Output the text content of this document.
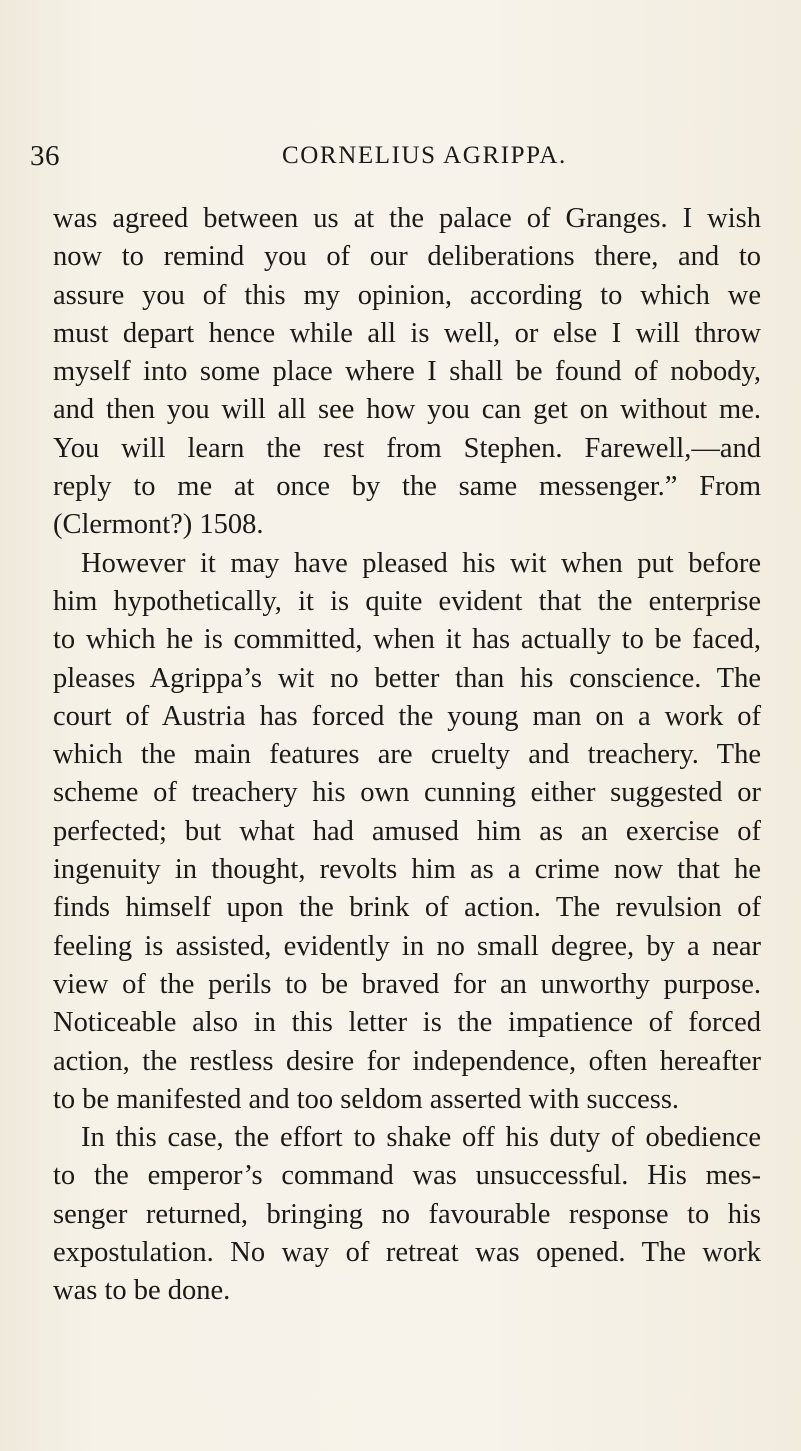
36	CORNELIUS AGRIPPA.
was agreed between us at the palace of Granges. I wish
now to remind you of our deliberations there, and to
assure you of this my opinion, according to which we
must depart hence while all is well, or else I will throw
myself into some place where I shall be found of nobody,
and then you will all see how you can get on without me.
You will learn the rest from Stephen. Farewell,—and
reply to me at once by the same messenger.” From
(Clermont?) 1508.
However it may have pleased his wit when put before
him hypothetically, it is quite evident that the enterprise
to which he is committed, when it has actually to be faced,
pleases Agrippa’s wit no better than his conscience. The
court of Austria has forced the young man on a work of
which the main features are cruelty and treachery. The
scheme of treachery his own cunning either suggested or
perfected; but what had amused him as an exercise of
ingenuity in thought, revolts him as a crime now that he
finds himself upon the brink of action. The revulsion of
feeling is assisted, evidently in no small degree, by a near
view of the perils to be braved for an unworthy purpose.
Noticeable also in this letter is the impatience of forced
action, the restless desire for independence, often hereafter
to be manifested and too seldom asserted with success.
In this case, the effort to shake off his duty of obedience
to the emperor’s command was unsuccessful. His mes-
senger returned, bringing no favourable response to his
expostulation. No way of retreat was opened. The work
was to be done.
